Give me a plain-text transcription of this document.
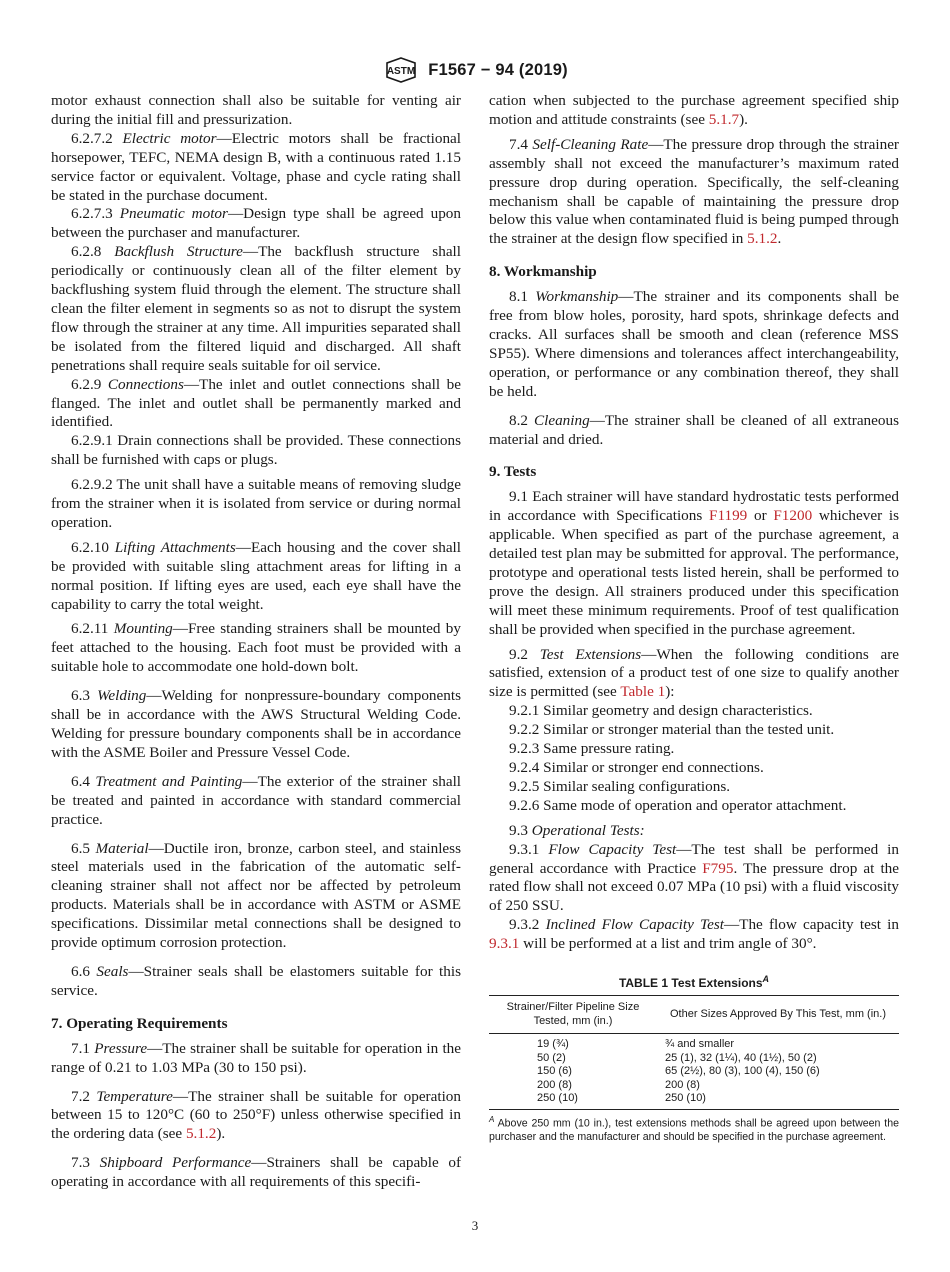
ASTM F1567 − 94 (2019)

motor exhaust connection shall also be suitable for venting air during the initial fill and pressurization.

6.2.7.2 Electric motor—Electric motors shall be fractional horsepower, TEFC, NEMA design B, with a continuous rated 1.15 service factor or equivalent. Voltage, phase and cycle rating shall be stated in the purchase document.

6.2.7.3 Pneumatic motor—Design type shall be agreed upon between the purchaser and manufacturer.

6.2.8 Backflush Structure—The backflush structure shall periodically or continuously clean all of the filter element by backflushing system fluid through the element. The structure shall clean the filter element in segments so as not to disrupt the system flow through the strainer at any time. All impurities separated shall be isolated from the filtered liquid and discharged. All shaft penetrations shall require seals suitable for oil service.

6.2.9 Connections—The inlet and outlet connections shall be flanged. The inlet and outlet shall be permanently marked and identified.

6.2.9.1 Drain connections shall be provided. These connections shall be furnished with caps or plugs.

6.2.9.2 The unit shall have a suitable means of removing sludge from the strainer when it is isolated from service or during normal operation.

6.2.10 Lifting Attachments—Each housing and the cover shall be provided with suitable sling attachment areas for lifting in a normal position. If lifting eyes are used, each eye shall have the capability to carry the total weight.

6.2.11 Mounting—Free standing strainers shall be mounted by feet attached to the housing. Each foot must be provided with a suitable hole to accommodate one hold-down bolt.

6.3 Welding—Welding for nonpressure-boundary components shall be in accordance with the AWS Structural Welding Code. Welding for pressure boundary components shall be in accordance with the ASME Boiler and Pressure Vessel Code.

6.4 Treatment and Painting—The exterior of the strainer shall be treated and painted in accordance with standard commercial practice.

6.5 Material—Ductile iron, bronze, carbon steel, and stainless steel materials used in the fabrication of the automatic self-cleaning strainer shall not affect nor be affected by petroleum products. Materials shall be in accordance with ASTM or ASME specifications. Dissimilar metal connections shall be designed to provide optimum corrosion protection.

6.6 Seals—Strainer seals shall be elastomers suitable for this service.

7. Operating Requirements

7.1 Pressure—The strainer shall be suitable for operation in the range of 0.21 to 1.03 MPa (30 to 150 psi).

7.2 Temperature—The strainer shall be suitable for operation between 15 to 120°C (60 to 250°F) unless otherwise specified in the ordering data (see 5.1.2).

7.3 Shipboard Performance—Strainers shall be capable of operating in accordance with all requirements of this specifi-

cation when subjected to the purchase agreement specified ship motion and attitude constraints (see 5.1.7).

7.4 Self-Cleaning Rate—The pressure drop through the strainer assembly shall not exceed the manufacturer’s maximum rated pressure drop during operation. Specifically, the self-cleaning mechanism shall be capable of maintaining the pressure drop below this value when contaminated fluid is being pumped through the strainer at the design flow specified in 5.1.2.

8. Workmanship

8.1 Workmanship—The strainer and its components shall be free from blow holes, porosity, hard spots, shrinkage defects and cracks. All surfaces shall be smooth and clean (reference MSS SP55). Where dimensions and tolerances affect interchangeability, operation, or performance or any combination thereof, they shall be held.

8.2 Cleaning—The strainer shall be cleaned of all extraneous material and dried.

9. Tests

9.1 Each strainer will have standard hydrostatic tests performed in accordance with Specifications F1199 or F1200 whichever is applicable. When specified as part of the purchase agreement, a detailed test plan may be submitted for approval. The performance, prototype and operational tests listed herein, shall be performed to prove the design. All strainers produced under this specification will meet these minimum requirements. Proof of test qualification shall be provided when specified in the purchase agreement.

9.2 Test Extensions—When the following conditions are satisfied, extension of a product test of one size to qualify another size is permitted (see Table 1):

9.2.1 Similar geometry and design characteristics.

9.2.2 Similar or stronger material than the tested unit.

9.2.3 Same pressure rating.

9.2.4 Similar or stronger end connections.

9.2.5 Similar sealing configurations.

9.2.6 Same mode of operation and operator attachment.

9.3 Operational Tests:

9.3.1 Flow Capacity Test—The test shall be performed in general accordance with Practice F795. The pressure drop at the rated flow shall not exceed 0.07 MPa (10 psi) with a fluid viscosity of 250 SSU.

9.3.2 Inclined Flow Capacity Test—The flow capacity test in 9.3.1 will be performed at a list and trim angle of 30°.

TABLE 1 Test Extensions$^A$
Strainer/Filter Pipeline Size Tested, mm (in.)	Other Sizes Approved By This Test, mm (in.)
19 (¾)	¾ and smaller
50 (2)	25 (1), 32 (1¼), 40 (1½), 50 (2)
150 (6)	65 (2½), 80 (3), 100 (4), 150 (6)
200 (8)	200 (8)
250 (10)	250 (10)
$^A$ Above 250 mm (10 in.), test extensions methods shall be agreed upon between the purchaser and the manufacturer and should be specified in the purchase agreement.
3
